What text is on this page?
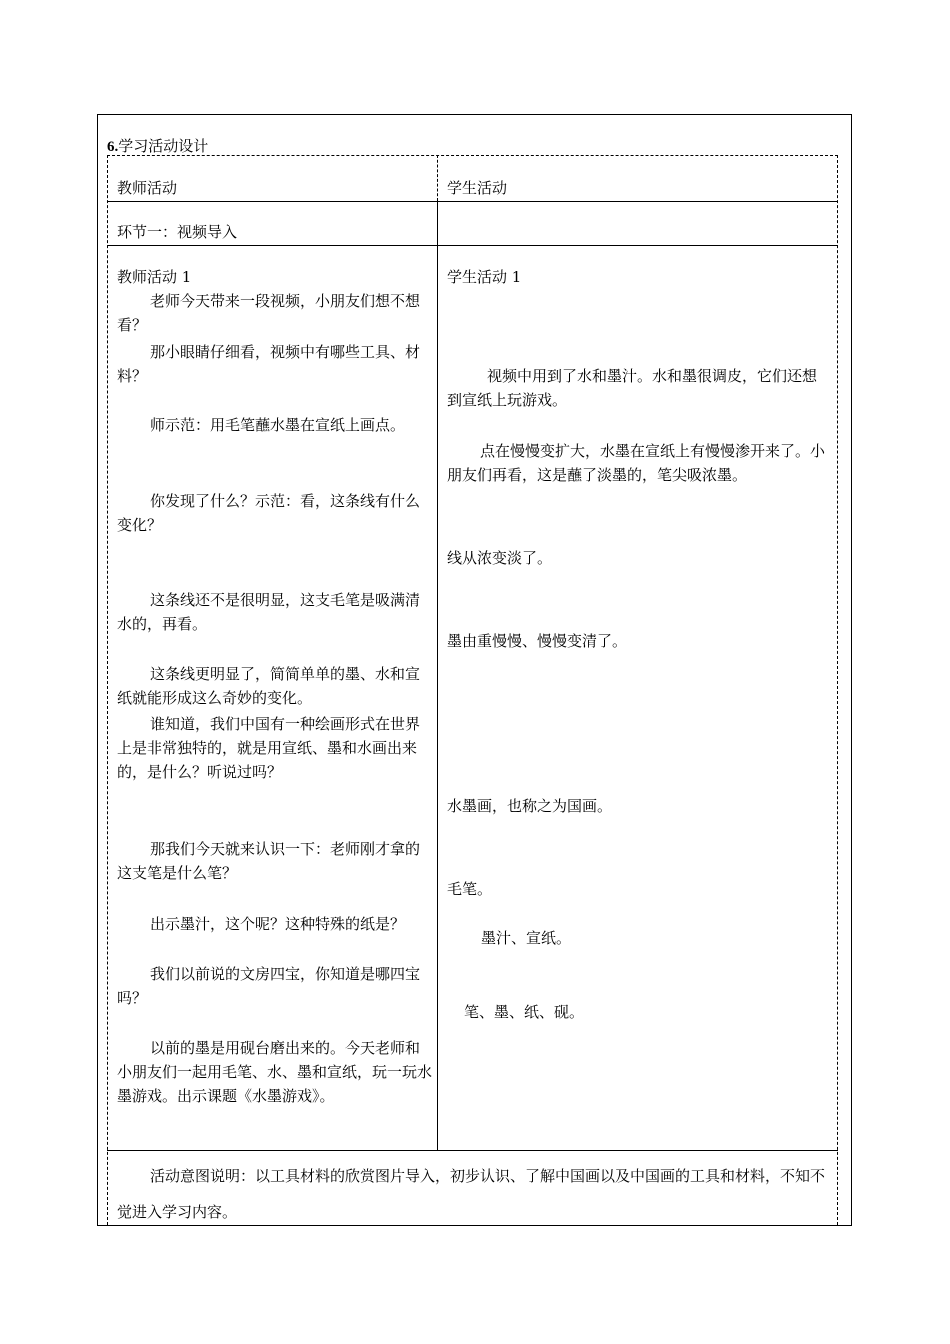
6.学习活动设计
教师活动	学生活动
环节一：视频导入
教师活动 1
老师今天带来一段视频，小朋友们想不想看？
那小眼睛仔细看，视频中有哪些工具、材料？
师示范：用毛笔蘸水墨在宣纸上画点。
你发现了什么？示范：看，这条线有什么变化？
这条线还不是很明显，这支毛笔是吸满清水的，再看。
这条线更明显了，简简单单的墨、水和宣纸就能形成这么奇妙的变化。
谁知道，我们中国有一种绘画形式在世界上是非常独特的，就是用宣纸、墨和水画出来的，是什么？听说过吗？
那我们今天就来认识一下：老师刚才拿的这支笔是什么笔？
出示墨汁，这个呢？这种特殊的纸是？
我们以前说的文房四宝，你知道是哪四宝吗？
以前的墨是用砚台磨出来的。今天老师和小朋友们一起用毛笔、水、墨和宣纸，玩一玩水墨游戏。出示课题《水墨游戏》。
学生活动 1
视频中用到了水和墨汁。水和墨很调皮，它们还想到宣纸上玩游戏。
点在慢慢变扩大，水墨在宣纸上有慢慢渗开来了。小朋友们再看，这是蘸了淡墨的，笔尖吸浓墨。
线从浓变淡了。
墨由重慢慢、慢慢变清了。
水墨画，也称之为国画。
毛笔。
墨汁、宣纸。
笔、墨、纸、砚。
活动意图说明：以工具材料的欣赏图片导入，初步认识、了解中国画以及中国画的工具和材料，不知不觉进入学习内容。
